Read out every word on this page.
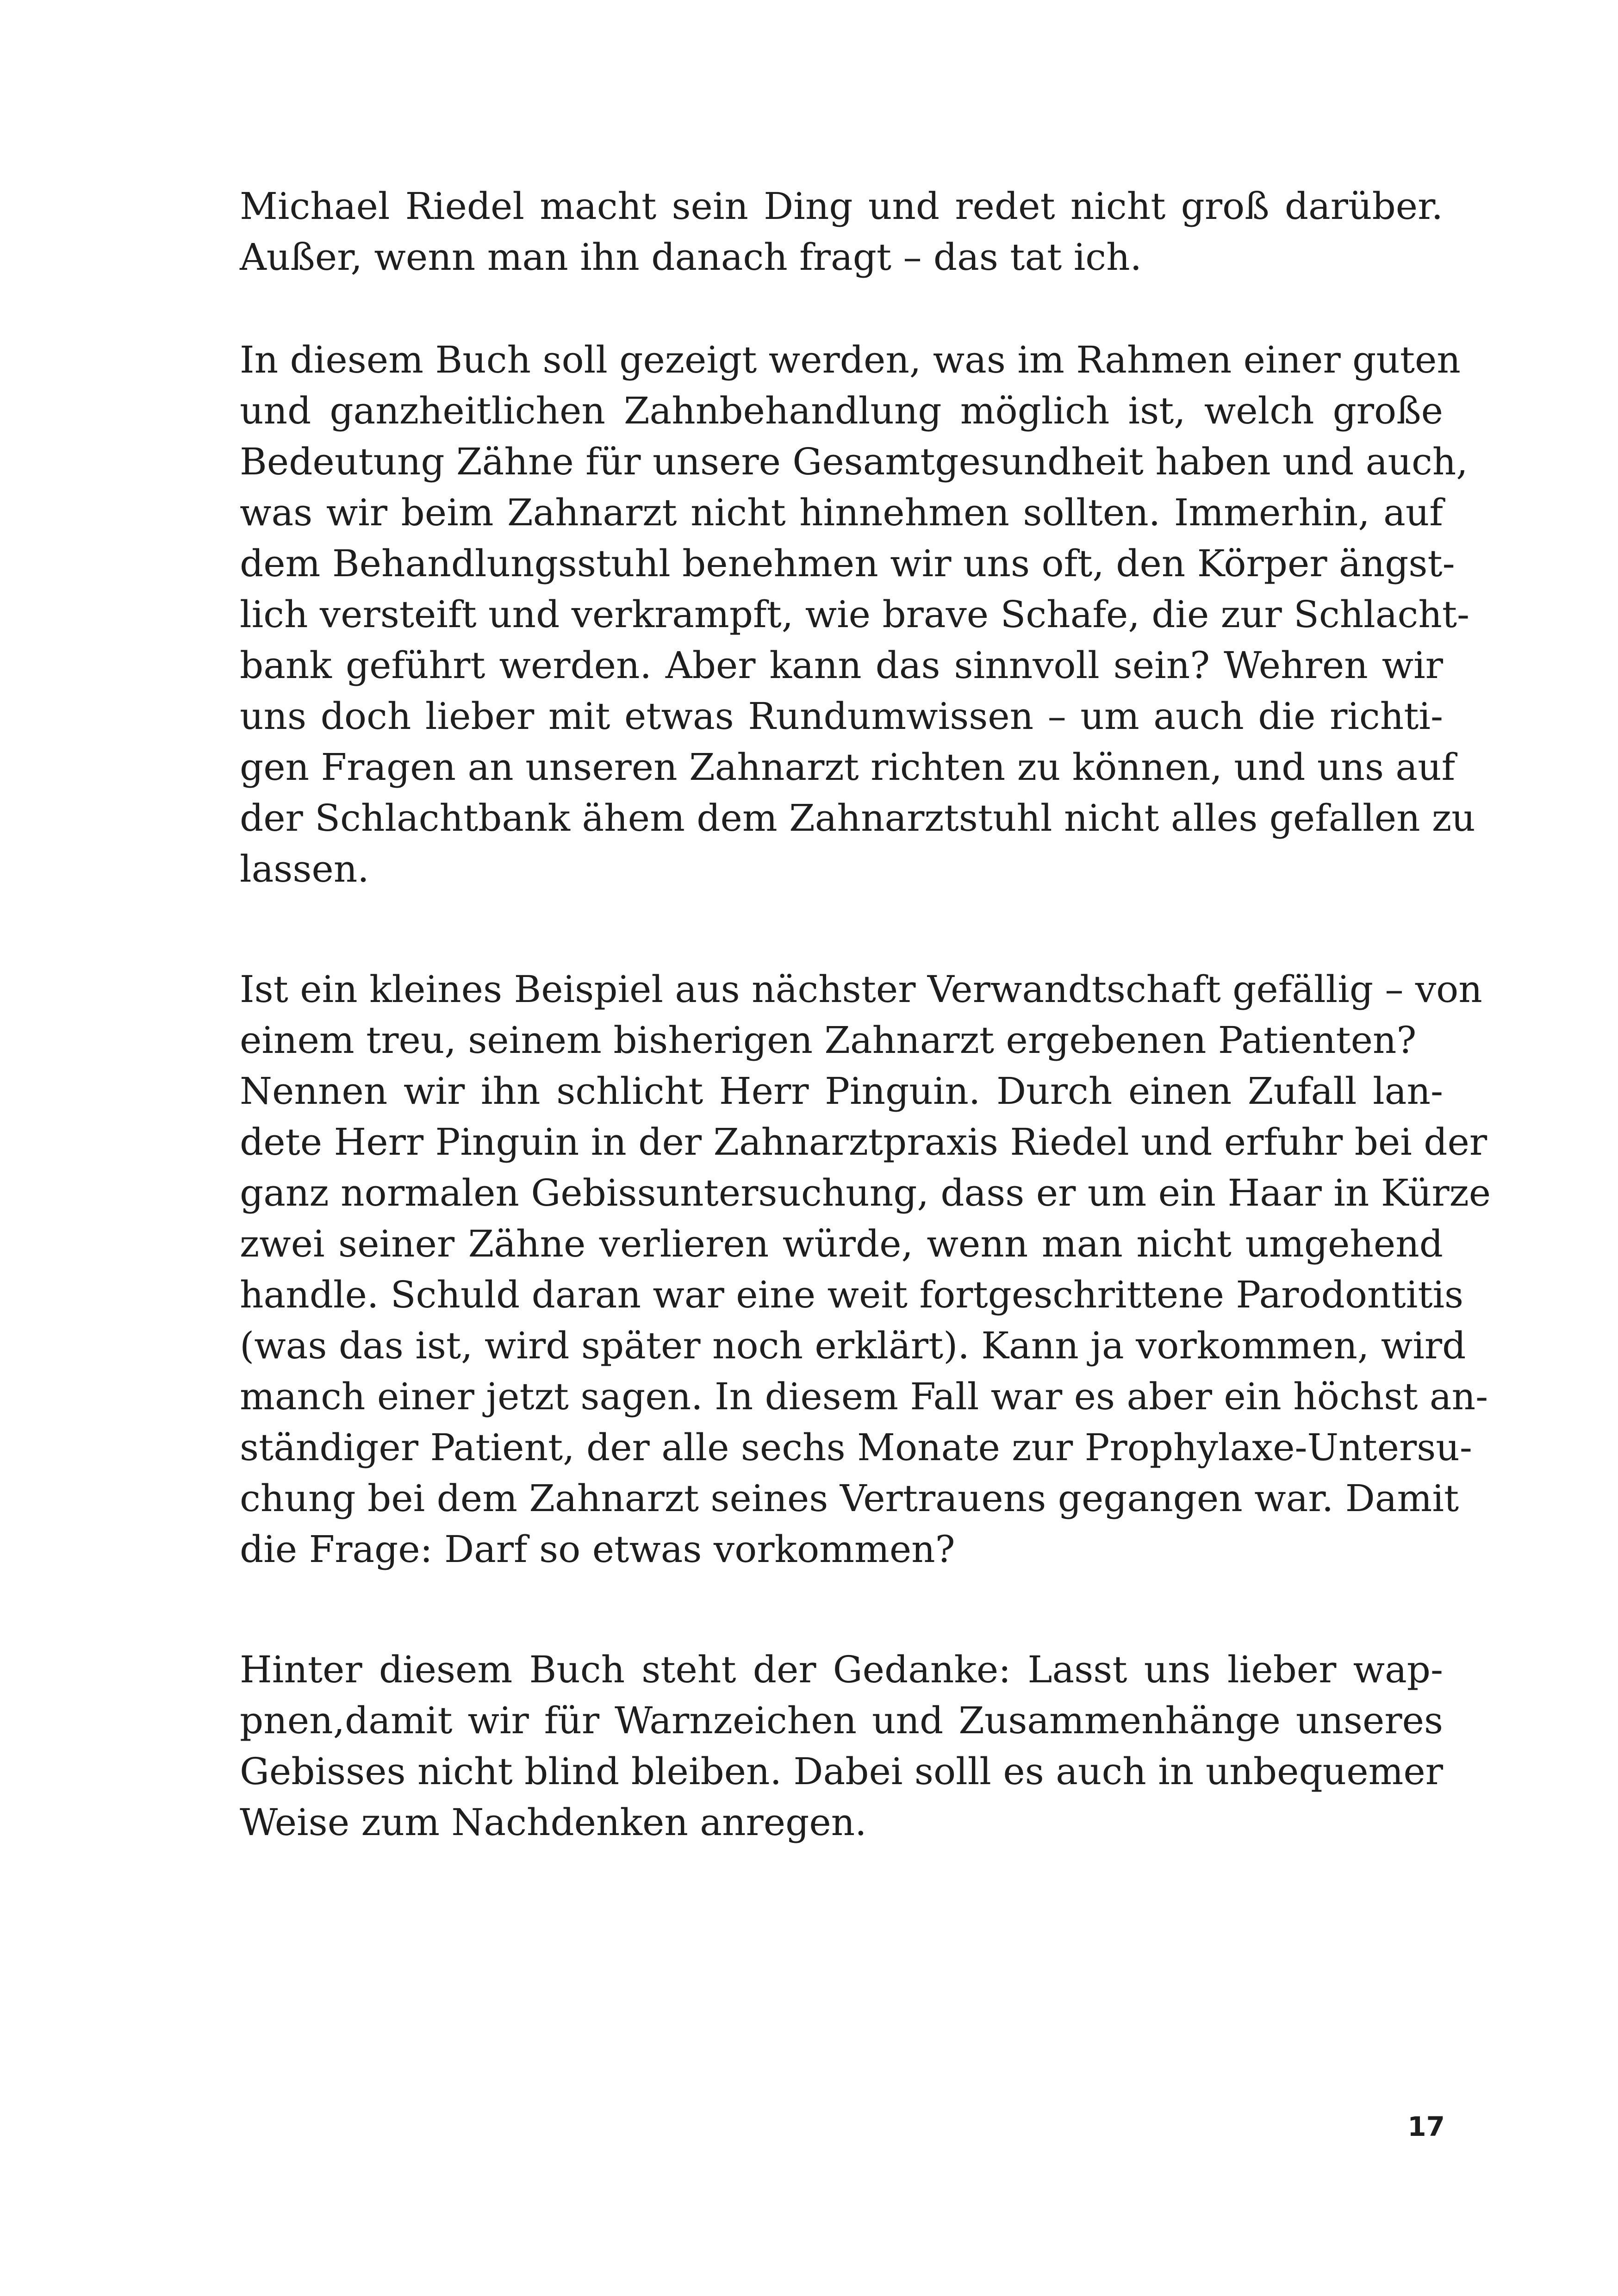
Michael Riedel macht sein Ding und redet nicht groß darüber.
Außer, wenn man ihn danach fragt – das tat ich.
In diesem Buch soll gezeigt werden, was im Rahmen einer guten
und ganzheitlichen Zahnbehandlung möglich ist, welch große
Bedeutung Zähne für unsere Gesamtgesundheit haben und auch,
was wir beim Zahnarzt nicht hinnehmen sollten. Immerhin, auf
dem Behandlungsstuhl benehmen wir uns oft, den Körper ängst-
lich versteift und verkrampft, wie brave Schafe, die zur Schlacht-
bank geführt werden. Aber kann das sinnvoll sein? Wehren wir
uns doch lieber mit etwas Rundumwissen – um auch die richti-
gen Fragen an unseren Zahnarzt richten zu können, und uns auf
der Schlachtbank ähem dem Zahnarztstuhl nicht alles gefallen zu
lassen.
Ist ein kleines Beispiel aus nächster Verwandtschaft gefällig – von
einem treu, seinem bisherigen Zahnarzt ergebenen Patienten?
Nennen wir ihn schlicht Herr Pinguin. Durch einen Zufall lan-
dete Herr Pinguin in der Zahnarztpraxis Riedel und erfuhr bei der
ganz normalen Gebissuntersuchung, dass er um ein Haar in Kürze
zwei seiner Zähne verlieren würde, wenn man nicht umgehend
handle. Schuld daran war eine weit fortgeschrittene Parodontitis
(was das ist, wird später noch erklärt). Kann ja vorkommen, wird
manch einer jetzt sagen. In diesem Fall war es aber ein höchst an-
ständiger Patient, der alle sechs Monate zur Prophylaxe-Untersu-
chung bei dem Zahnarzt seines Vertrauens gegangen war. Damit
die Frage: Darf so etwas vorkommen?
Hinter diesem Buch steht der Gedanke: Lasst uns lieber wap-
pnen,damit wir für Warnzeichen und Zusammenhänge unseres
Gebisses nicht blind bleiben. Dabei solll es auch in unbequemer
Weise zum Nachdenken anregen.
17
